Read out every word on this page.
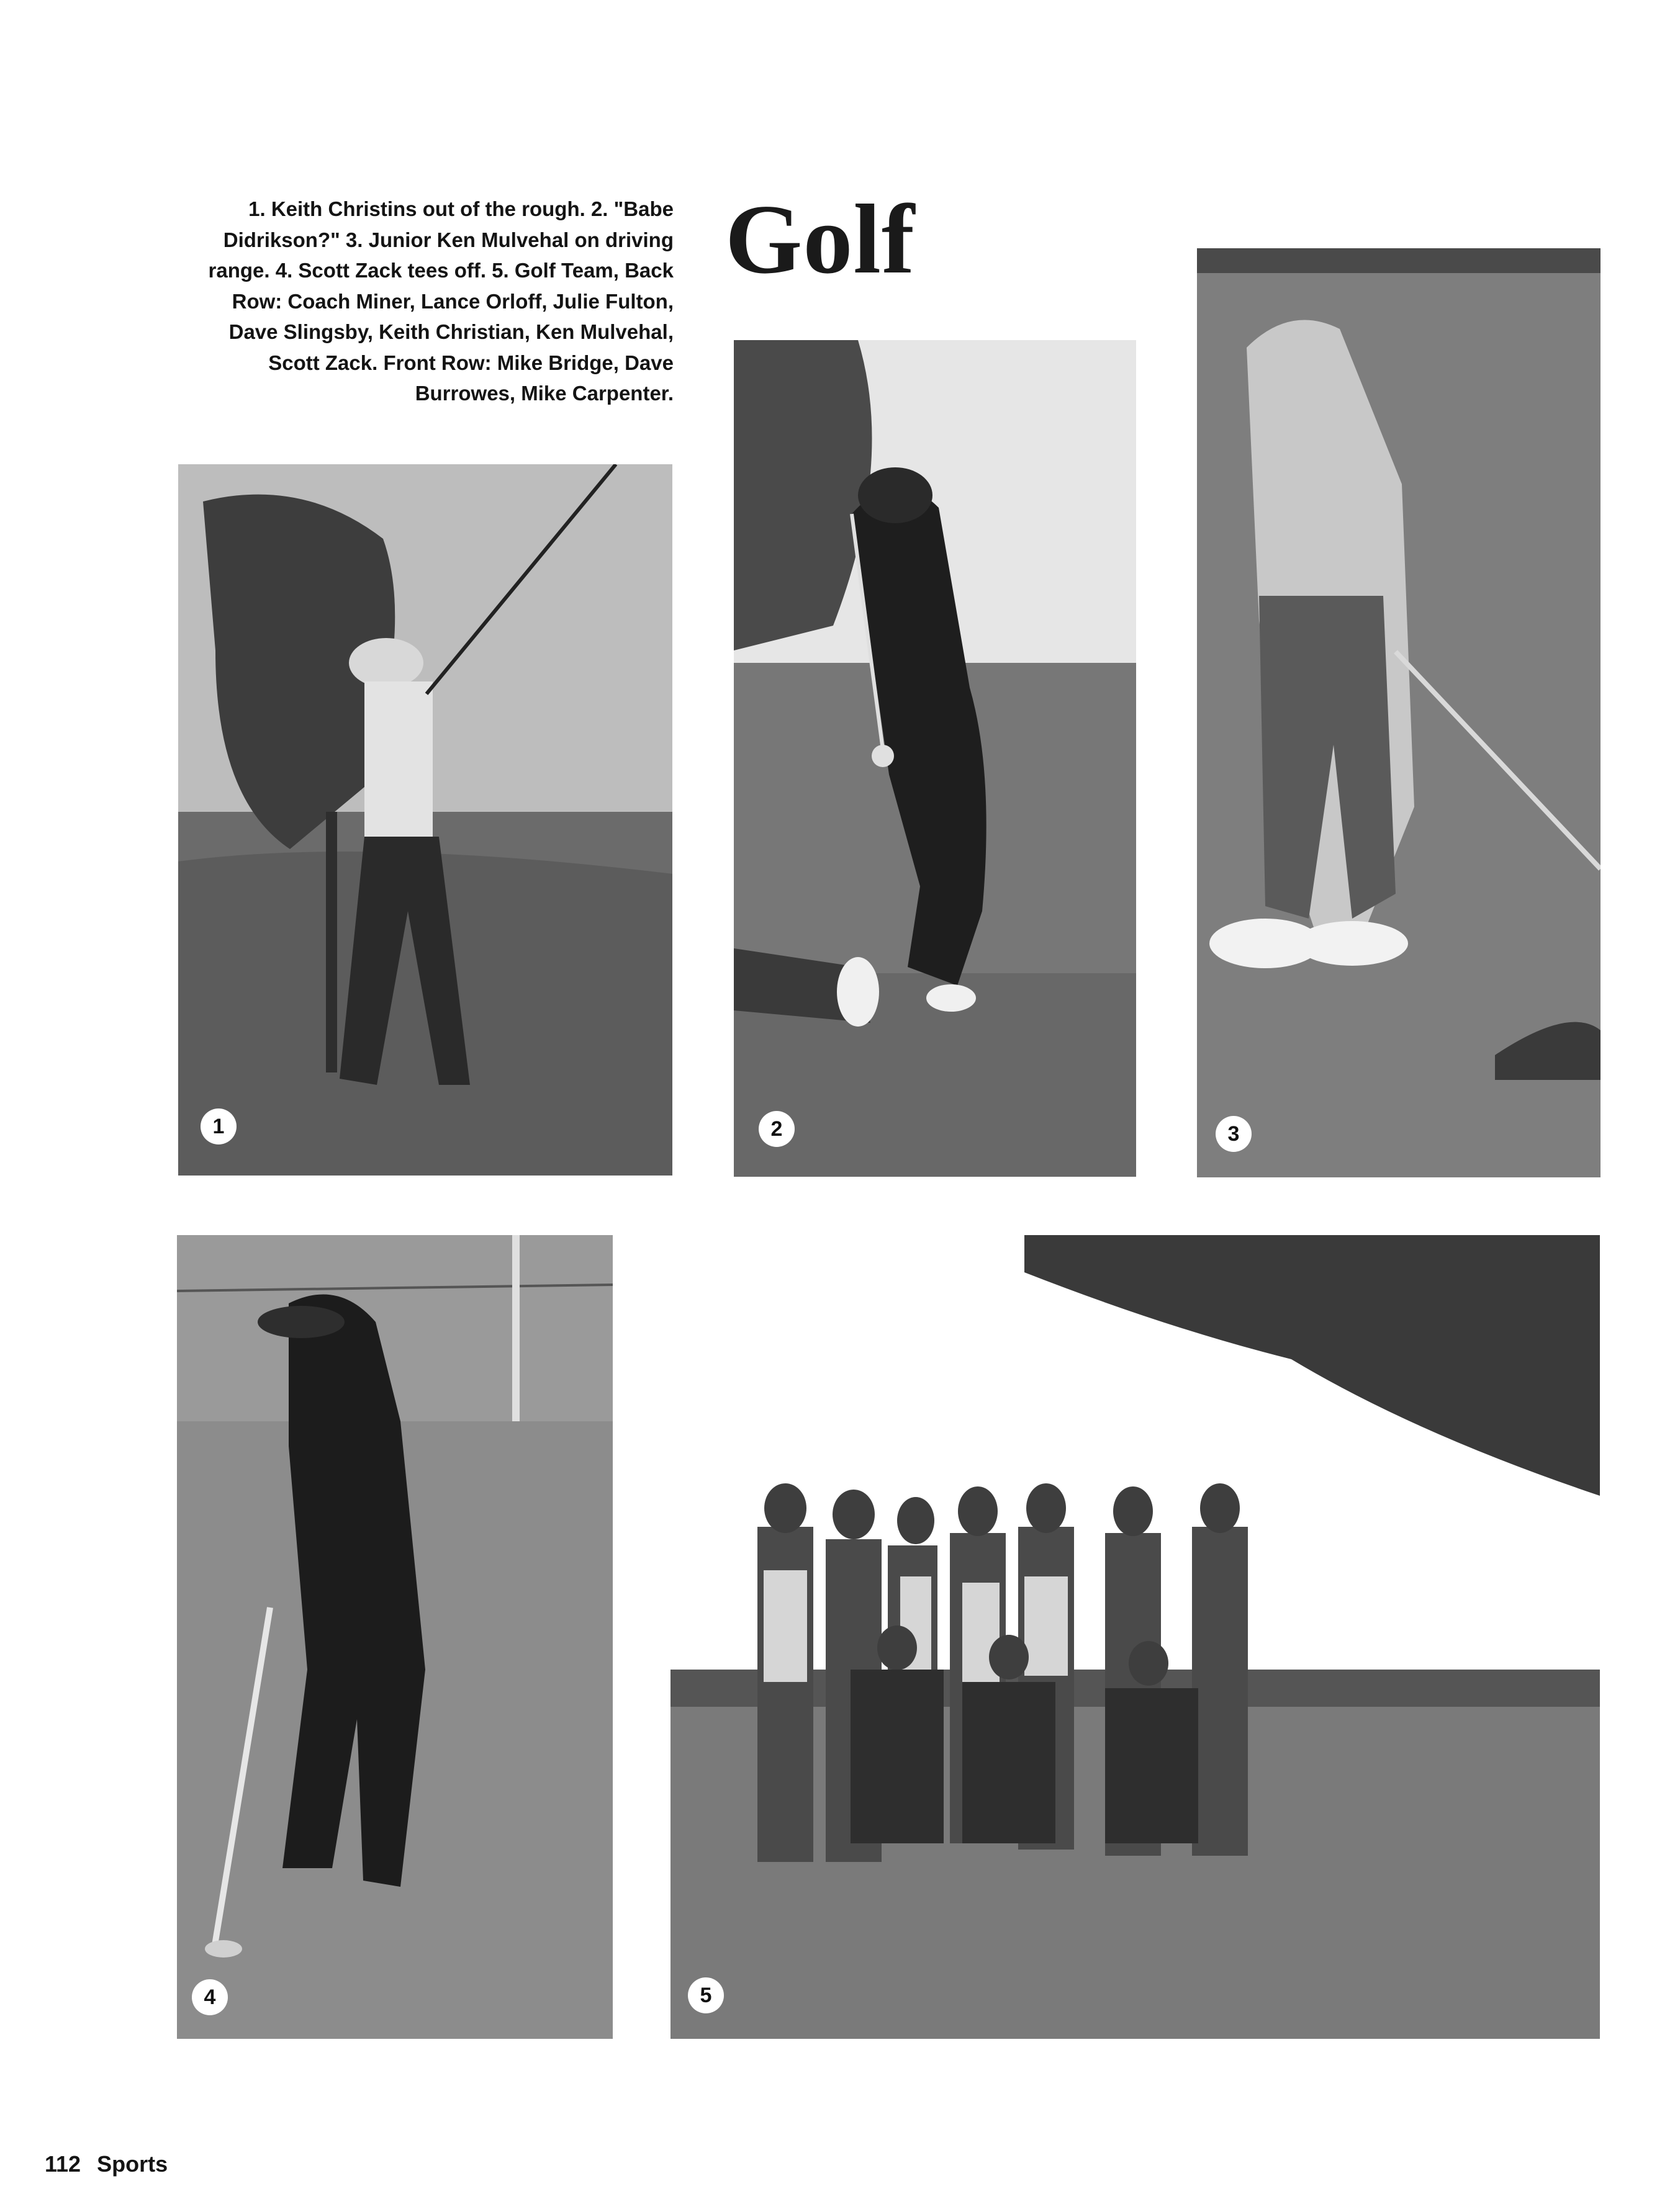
1. Keith Christins out of the rough. 2. "Babe
Didrikson?" 3. Junior Ken Mulvehal on driving
range. 4. Scott Zack tees off. 5. Golf Team, Back
Row: Coach Miner, Lance Orloff, Julie Fulton,
Dave Slingsby, Keith Christian, Ken Mulvehal,
Scott Zack. Front Row: Mike Bridge, Dave
Burrowes, Mike Carpenter.
Golf
1	2	3
4	5
112 Sports
